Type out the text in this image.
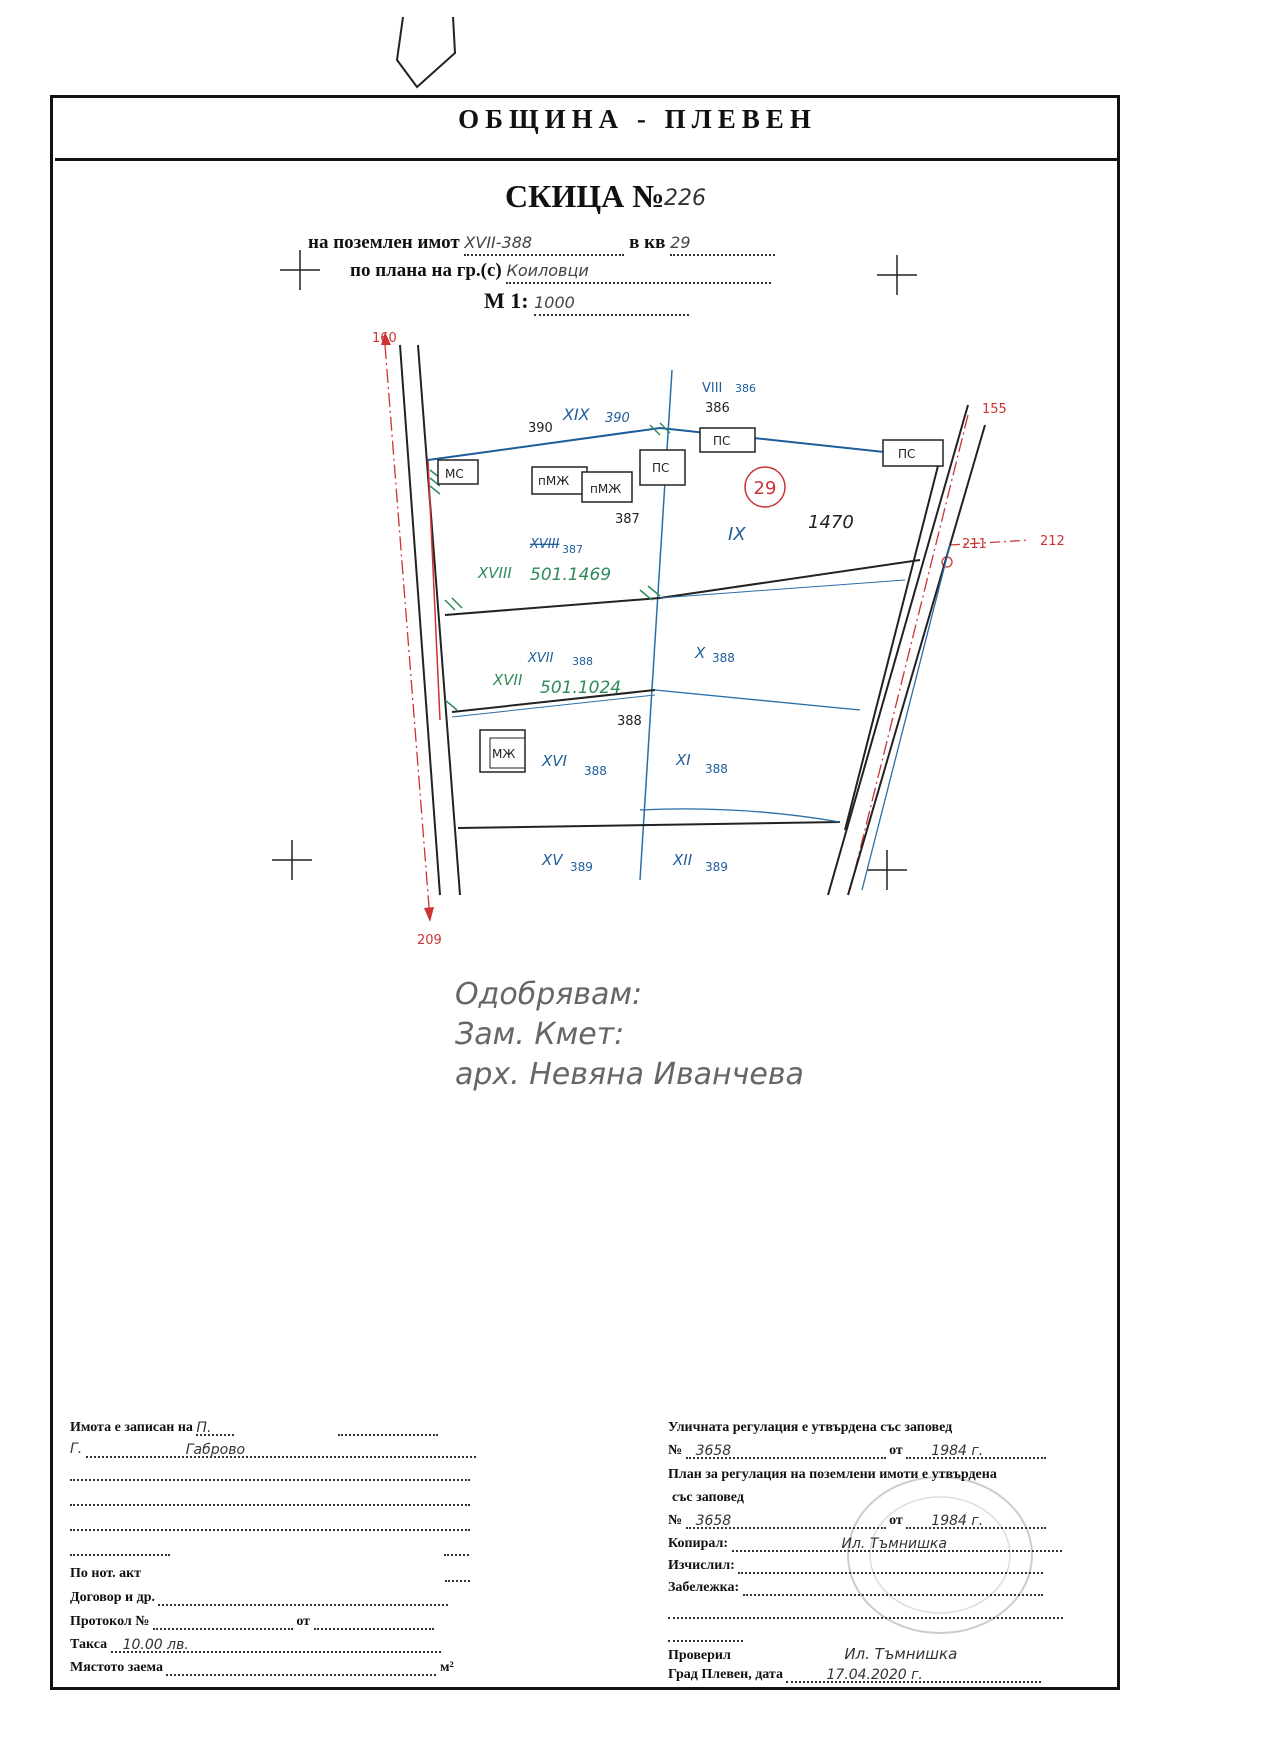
ОБЩИНА - ПЛЕВЕН
СКИЦА № 226
на поземлен имот XVII-388	в кв 29
по плана на гр.(с) Коиловци
М 1: 1000
29
160
155
209
211	212
390
XIX 390
VIII 386
386
IX
1470
387
XVIII 387
XVIII 501.1469
XVII 388
XVII 501.1024
X 388
388
XVI
388
XI 388
XV 389	XII 389
МС	пМЖ
пМЖ
ПС
ПС
ПС
МЖ
Одобрявам:
Зам. Кмет:
арх. Невяна Иванчева
Имота е записан на П.
Г.	Габрово

По нот. акт
Договор и др.
Протокол №	от
Такса 10.00 лв.
Мястото заема	м²
Уличната регулация е утвърдена със заповед
№ 3658	от 1984 г.
План за регулация на поземлени имоти е утвърдена
със заповед
№ 3658	от 1984 г.
Копирал:	Ил. Тъмнишка
Изчислил:
Забележка:
Проверил	Ил. Тъмнишка
Град Плевен, дата	17.04.2020 г.
